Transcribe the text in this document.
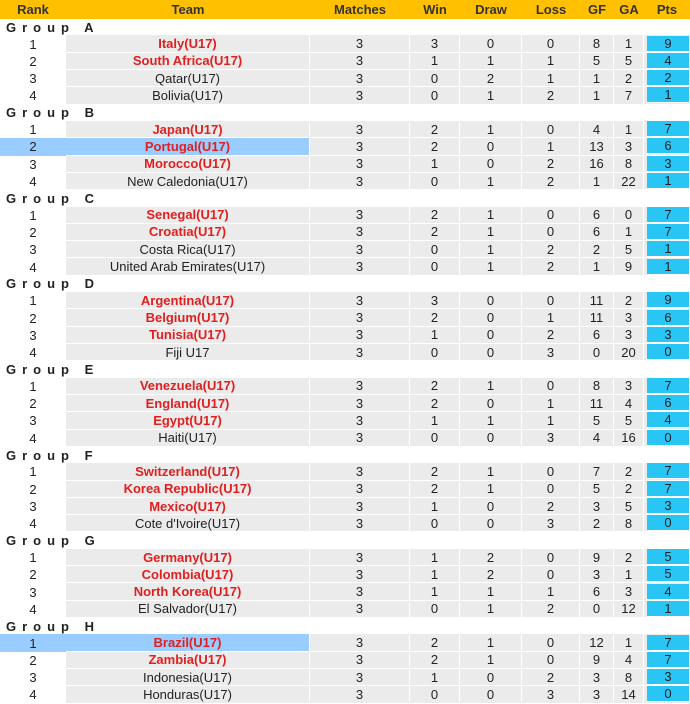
Rank	Team	Matches	Win	Draw	Loss	GF	GA	Pts
Group A								
1	Italy(U17)	3	3	0	0	8	1	9

2	South Africa(U17)	3	1	1	1	5	5	4

3	Qatar(U17)	3	0	2	1	1	2	2

4	Bolivia(U17)	3	0	1	2	1	7	1

Group B								
1	Japan(U17)	3	2	1	0	4	1	7

2	Portugal(U17)	3	2	0	1	13	3	6

3	Morocco(U17)	3	1	0	2	16	8	3

4	New Caledonia(U17)	3	0	1	2	1	22	1

Group C								
1	Senegal(U17)	3	2	1	0	6	0	7

2	Croatia(U17)	3	2	1	0	6	1	7

3	Costa Rica(U17)	3	0	1	2	2	5	1

4	United Arab Emirates(U17)	3	0	1	2	1	9	1

Group D								
1	Argentina(U17)	3	3	0	0	11	2	9

2	Belgium(U17)	3	2	0	1	11	3	6

3	Tunisia(U17)	3	1	0	2	6	3	3

4	Fiji U17	3	0	0	3	0	20	0

Group E								
1	Venezuela(U17)	3	2	1	0	8	3	7

2	England(U17)	3	2	0	1	11	4	6

3	Egypt(U17)	3	1	1	1	5	5	4

4	Haiti(U17)	3	0	0	3	4	16	0

Group F								
1	Switzerland(U17)	3	2	1	0	7	2	7

2	Korea Republic(U17)	3	2	1	0	5	2	7

3	Mexico(U17)	3	1	0	2	3	5	3

4	Cote d'Ivoire(U17)	3	0	0	3	2	8	0

Group G								
1	Germany(U17)	3	1	2	0	9	2	5

2	Colombia(U17)	3	1	2	0	3	1	5

3	North Korea(U17)	3	1	1	1	6	3	4

4	El Salvador(U17)	3	0	1	2	0	12	1

Group H								
1	Brazil(U17)	3	2	1	0	12	1	7

2	Zambia(U17)	3	2	1	0	9	4	7

3	Indonesia(U17)	3	1	0	2	3	8	3

4	Honduras(U17)	3	0	0	3	3	14	0
